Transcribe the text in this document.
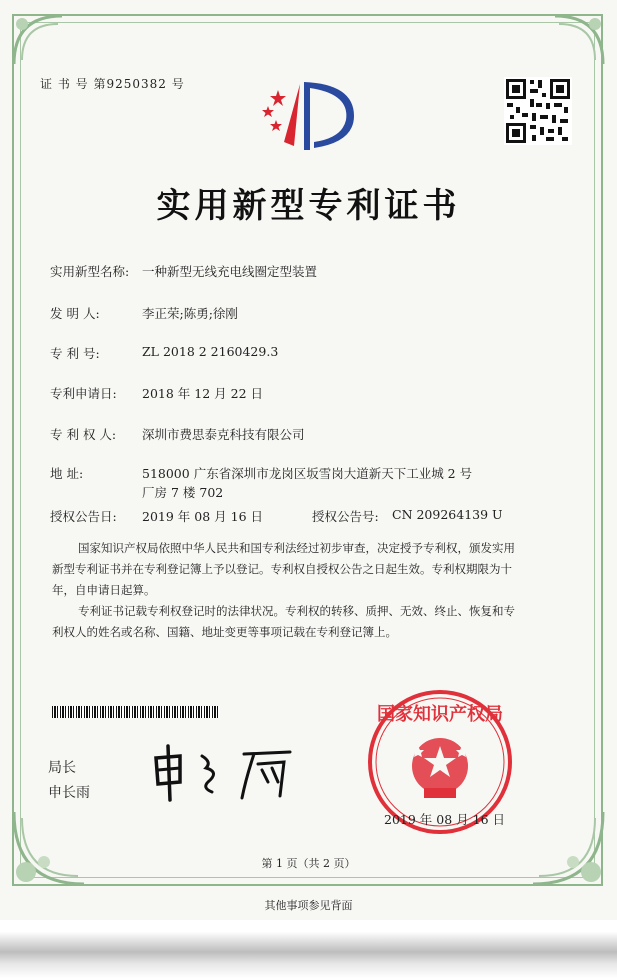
证 书 号 第9250382 号
实用新型专利证书
实用新型名称: 一种新型无线充电线圈定型装置
发 明 人:	李正荣;陈勇;徐刚
专 利 号:	ZL 2018 2 2160429.3
专利申请日:	2018 年 12 月 22 日
专 利 权 人:	深圳市费思泰克科技有限公司
地 址:	518000 广东省深圳市龙岗区坂雪岗大道新天下工业城 2 号
厂房 7 楼 702
授权公告日:	2019 年 08 月 16 日	授权公告号: CN 209264139 U
国家知识产权局依照中华人民共和国专利法经过初步审查，决定授予专利权，颁发实用
新型专利证书并在专利登记簿上予以登记。专利权自授权公告之日起生效。专利权期限为十
年，自申请日起算。
专利证书记载专利权登记时的法律状况。专利权的转移、质押、无效、终止、恢复和专
利权人的姓名或名称、国籍、地址变更等事项记载在专利登记簿上。
局长
申长雨
国家知识产权局
2019 年 08 月 16 日
第 1 页（共 2 页）
其他事项参见背面
